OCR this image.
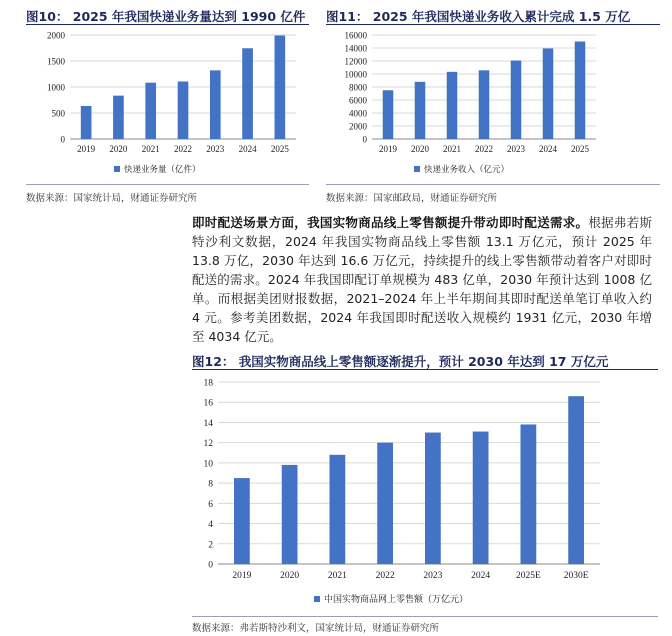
图10： 2025 年我国快递业务量达到 1990 亿件
0
500
1000
1500
2000
2019 2020 2021 2022 2023 2024 2025
快递业务量（亿件）
数据来源：国家统计局，财通证券研究所
图11： 2025 年我国快递业务收入累计完成 1.5 万亿
0
2000
4000
6000
8000
10000
12000
14000
16000
2019 2020 2021 2022 2023 2024 2025
快递业务收入（亿元）
数据来源：国家邮政局，财通证券研究所
即时配送场景方面，我国实物商品线上零售额提升带动即时配送需求。根据弗若斯特沙利文数据，2024 年我国实物商品线上零售额 13.1 万亿元，预计 2025 年 13.8 万亿，2030 年达到 16.6 万亿元，持续提升的线上零售额带动着客户对即时配送的需求。2024 年我国即配订单规模为 483 亿单，2030 年预计达到 1008 亿单。而根据美团财报数据，2021–2024 年上半年期间其即时配送单笔订单收入约 4 元。参考美团数据，2024 年我国即时配送收入规模约 1931 亿元，2030 年增至 4034 亿元。
图12： 我国实物商品线上零售额逐渐提升，预计 2030 年达到 17 万亿元
0
2
4
6
8
10
12
14
16
18
2019	2020	2021	2022	2023	2024	2025E 2030E
中国实物商品网上零售额（万亿元）
数据来源：弗若斯特沙利文，国家统计局，财通证券研究所
